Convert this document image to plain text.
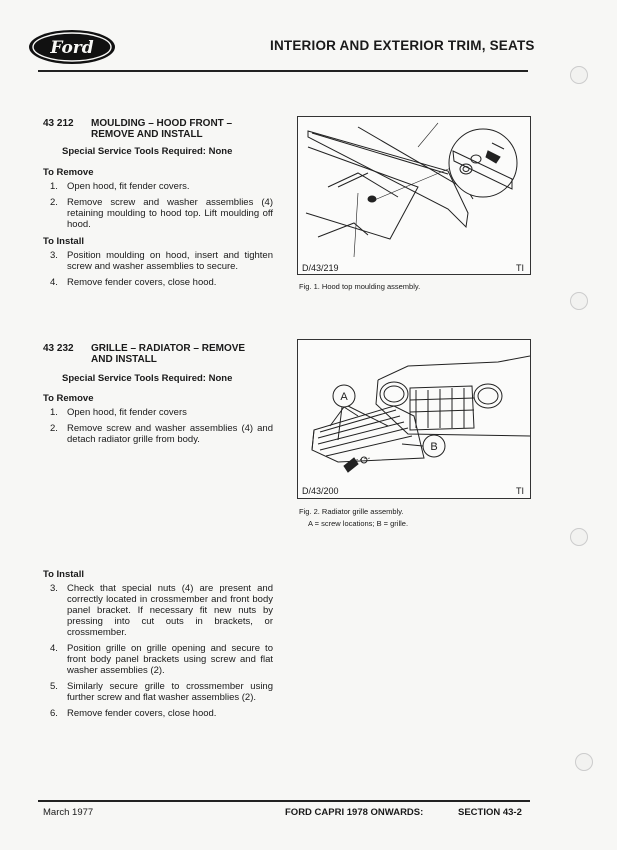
Ford	INTERIOR AND EXTERIOR TRIM, SEATS
43 212 MOULDING – HOOD FRONT – REMOVE AND INSTALL
Special Service Tools Required: None
To Remove
1. Open hood, fit fender covers.
2. Remove screw and washer assemblies (4) retaining moulding to hood top. Lift moulding off hood.
To Install
3. Position moulding on hood, insert and tighten screw and washer assemblies to secure.
4. Remove fender covers, close hood.
D/43/219	TI
Fig. 1. Hood top moulding assembly.
43 232 GRILLE – RADIATOR – REMOVE AND INSTALL
Special Service Tools Required: None
To Remove
1. Open hood, fit fender covers
2. Remove screw and washer assemblies (4) and detach radiator grille from body.
A
B
D/43/200	TI
Fig. 2. Radiator grille assembly.
A = screw locations; B = grille.
To Install
3. Check that special nuts (4) are present and correctly located in crossmember and front body panel bracket. If necessary fit new nuts by pressing into cut outs in brackets, or crossmember.
4. Position grille on grille opening and secure to front body panel brackets using screw and flat washer assemblies (2).
5. Similarly secure grille to crossmember using further screw and flat washer assemblies (2).
6. Remove fender covers, close hood.
March 1977	FORD CAPRI 1978 ONWARDS:	SECTION 43-2
